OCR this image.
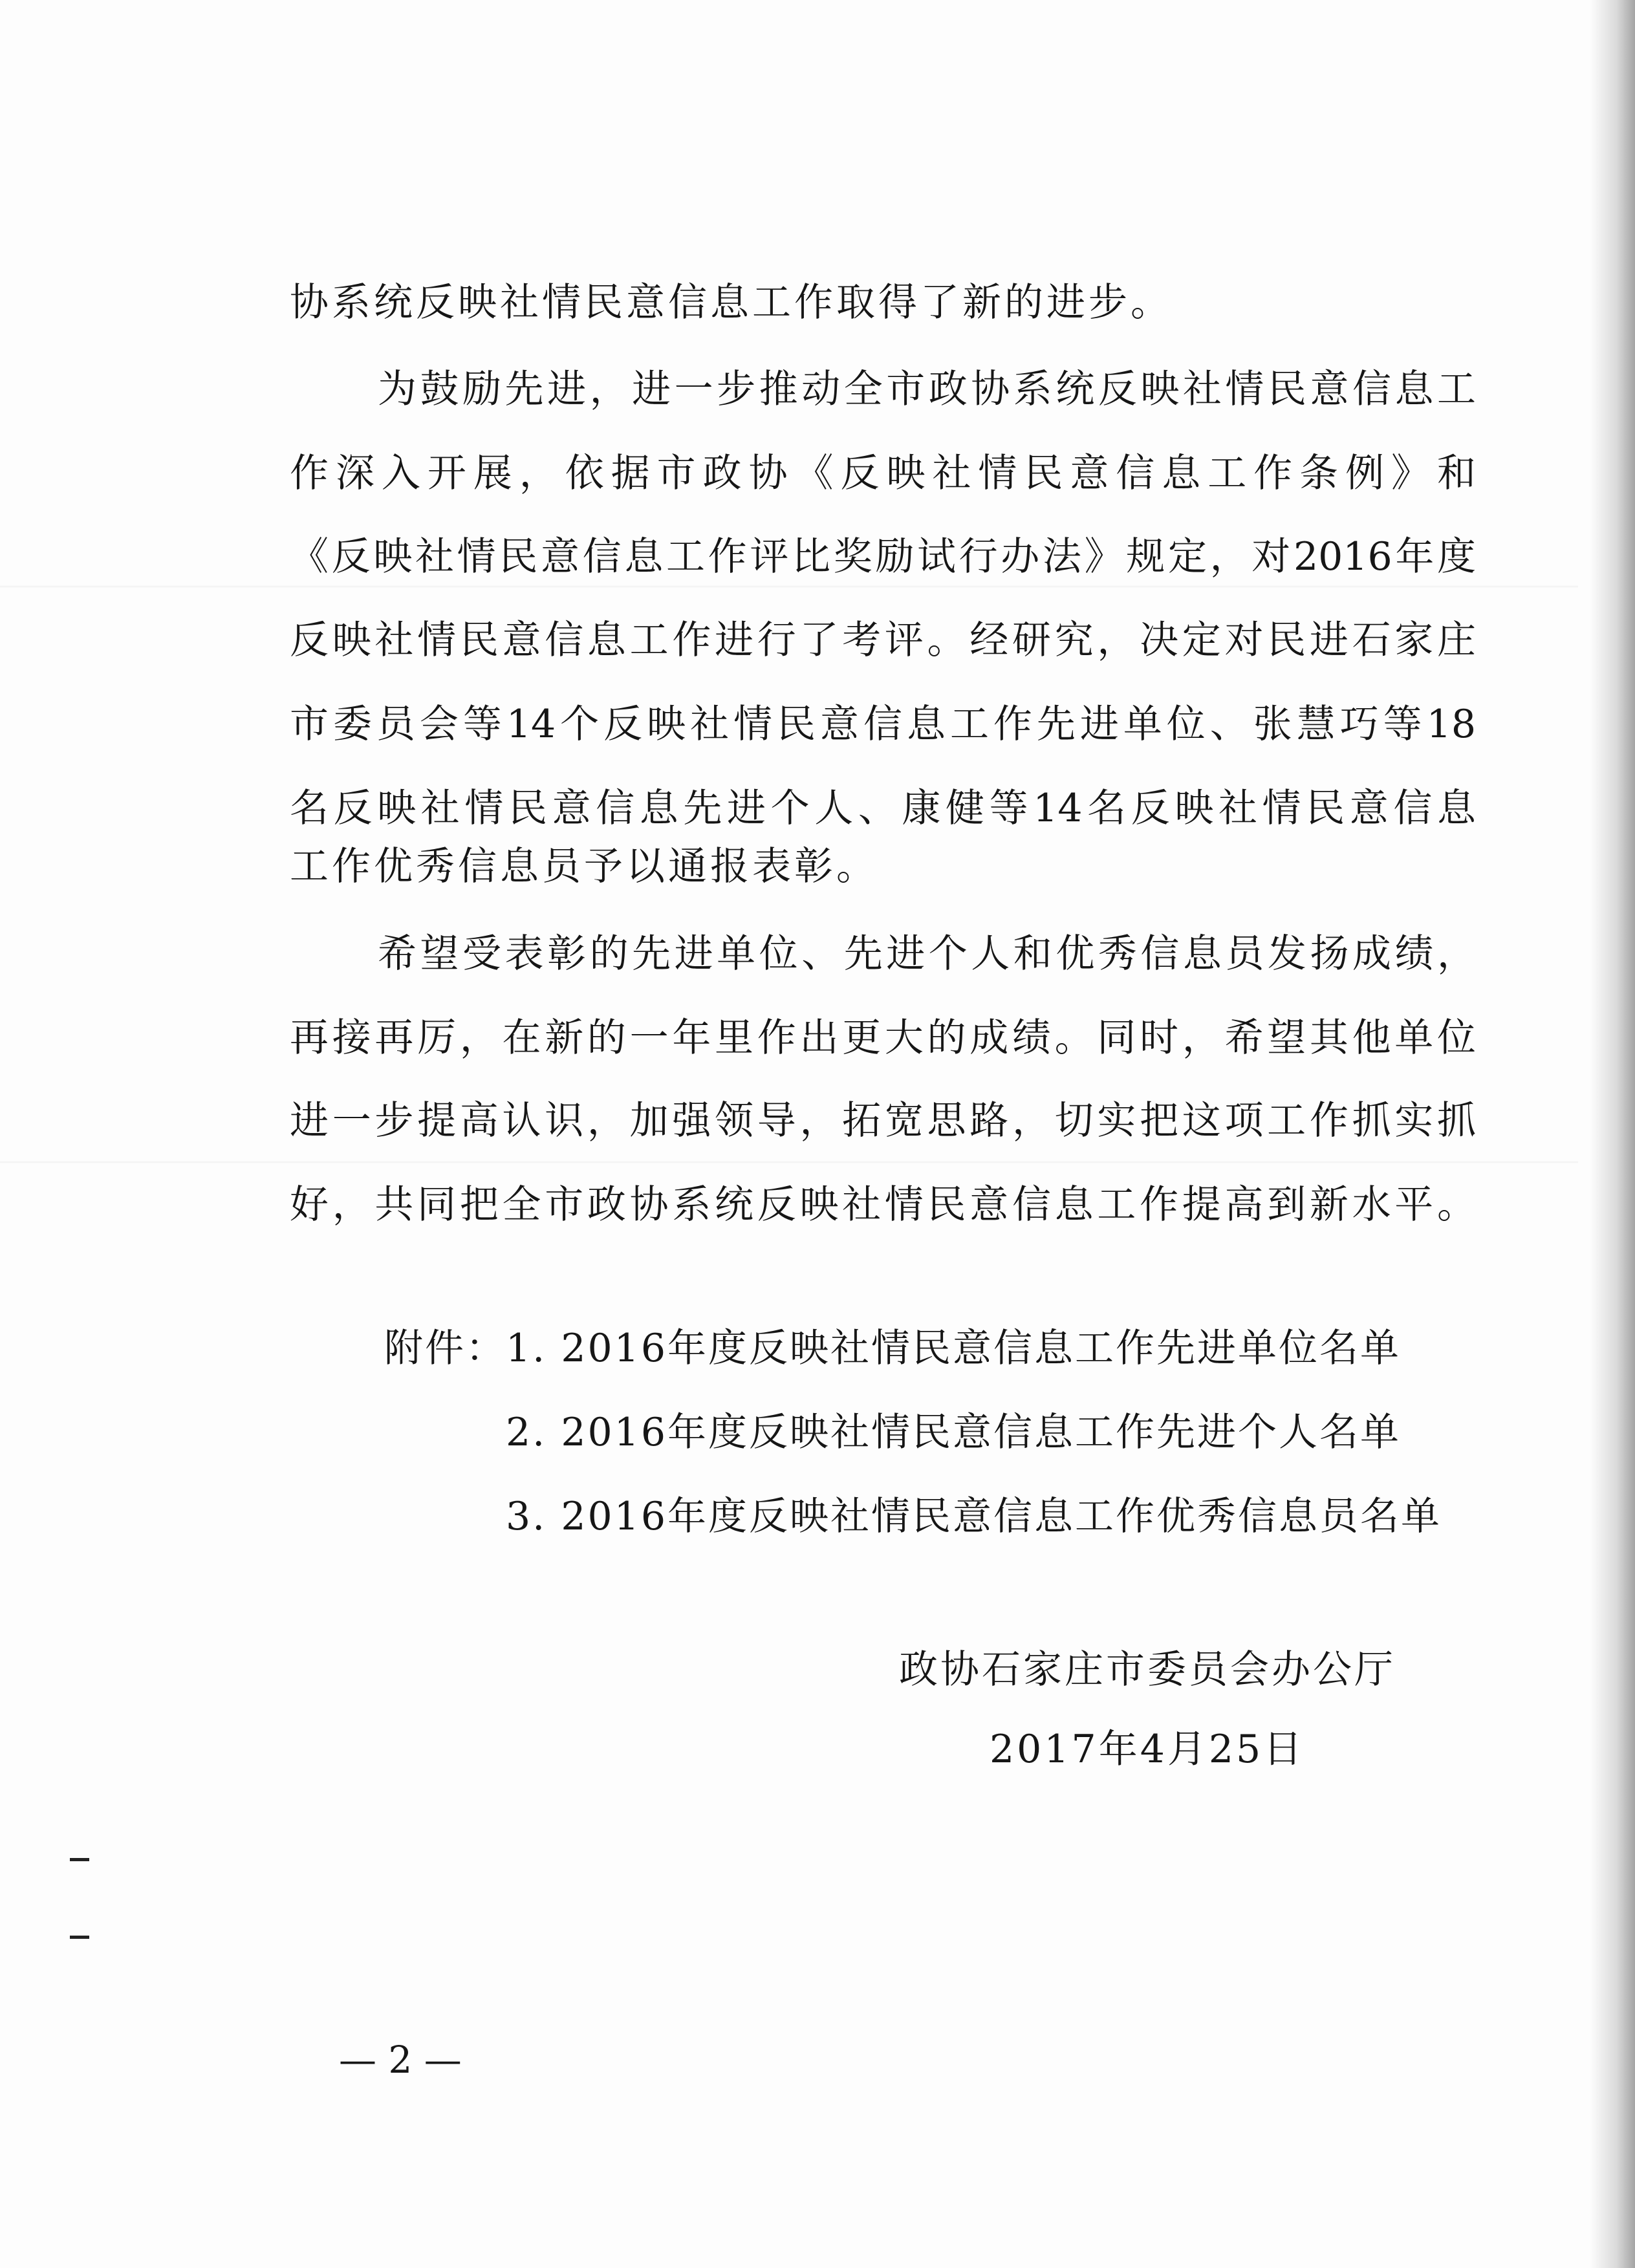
协系统反映社情民意信息工作取得了新的进步。

为鼓励先进，进一步推动全市政协系统反映社情民意信息工

作深入开展，依据市政协《反映社情民意信息工作条例》和

《反映社情民意信息工作评比奖励试行办法》规定，对2016年度

反映社情民意信息工作进行了考评。经研究，决定对民进石家庄

市委员会等14个反映社情民意信息工作先进单位、张慧巧等18

名反映社情民意信息先进个人、康健等14名反映社情民意信息

工作优秀信息员予以通报表彰。

希望受表彰的先进单位、先进个人和优秀信息员发扬成绩，

再接再厉，在新的一年里作出更大的成绩。同时，希望其他单位

进一步提高认识，加强领导，拓宽思路，切实把这项工作抓实抓

好，共同把全市政协系统反映社情民意信息工作提高到新水平。

附件： 1. 2016年度反映社情民意信息工作先进单位名单

2. 2016年度反映社情民意信息工作先进个人名单

3. 2016年度反映社情民意信息工作优秀信息员名单

政协石家庄市委员会办公厅

2017年4月25日

— 2 —
